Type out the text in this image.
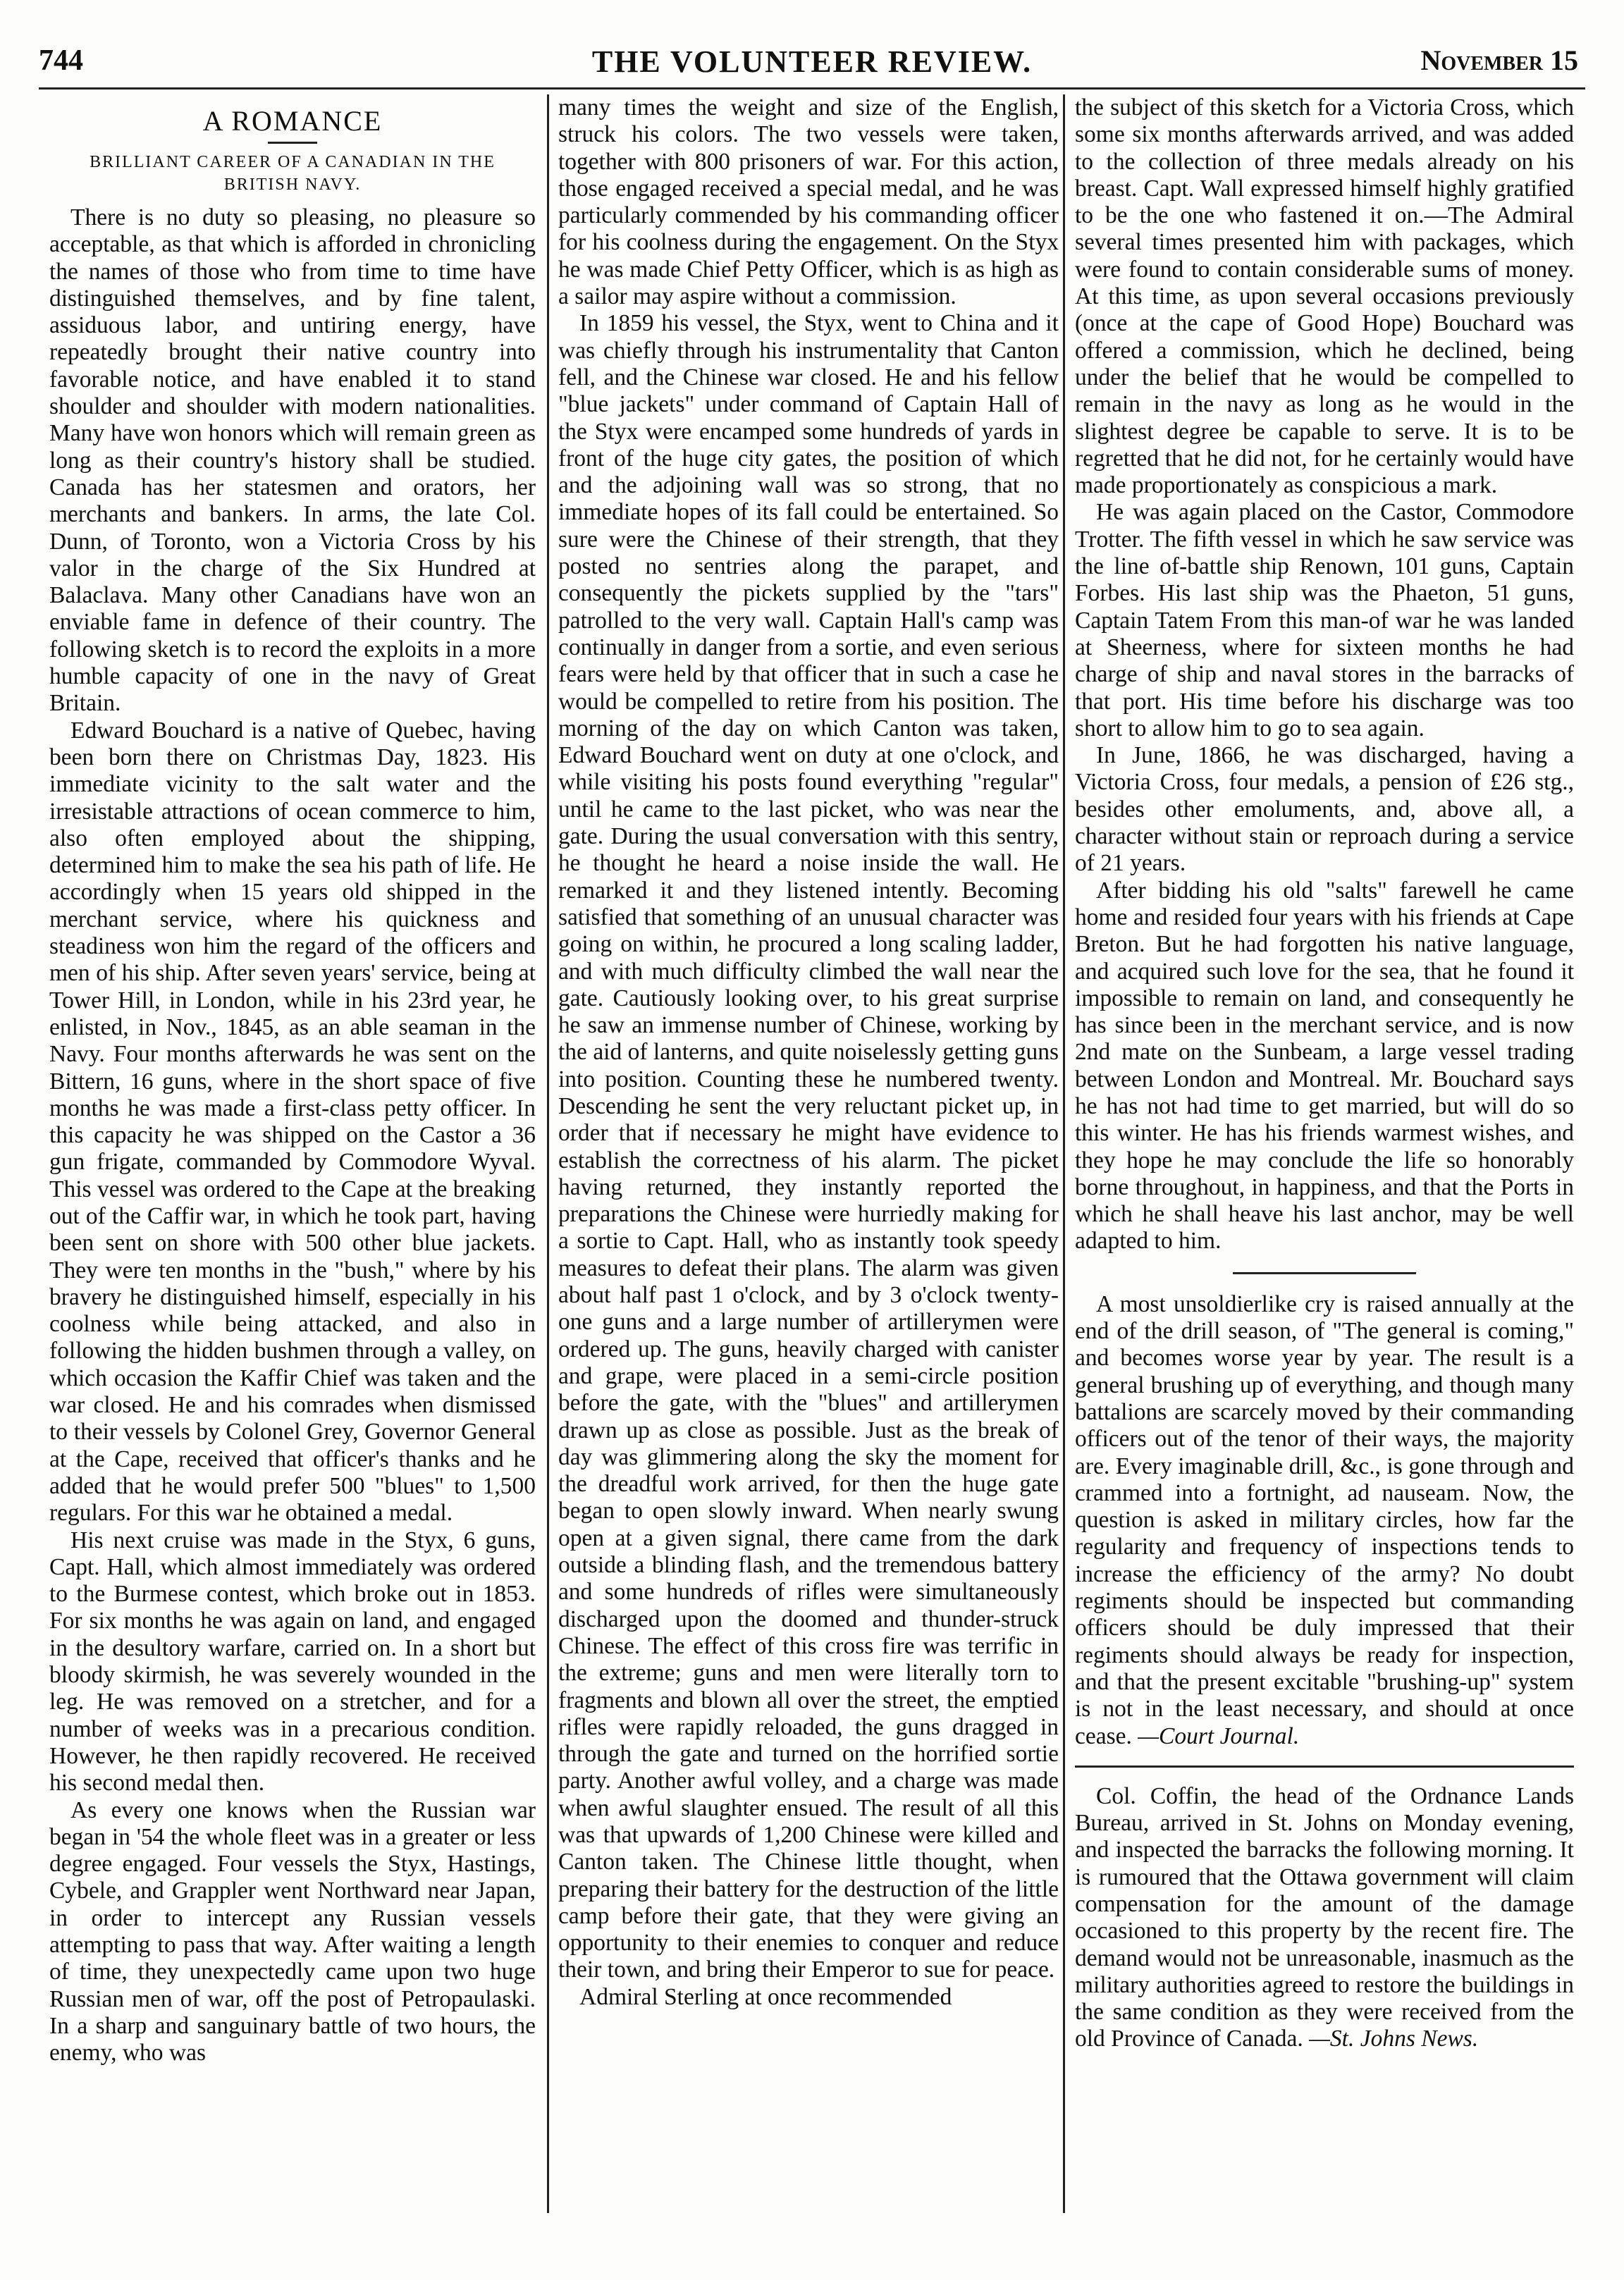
THE VOLUNTEER REVIEW.
744	November 15
A ROMANCE
BRILLIANT CAREER OF A CANADIAN IN THE BRITISH NAVY.

There is no duty so pleasing, no pleasure so acceptable, as that which is afforded in chronicling the names of those who from time to time have distinguished themselves, and by fine talent, assiduous labor, and untiring energy, have repeatedly brought their native country into favorable notice, and have enabled it to stand shoulder and shoulder with modern nationalities. Many have won honors which will remain green as long as their country's history shall be studied. Canada has her statesmen and orators, her merchants and bankers. In arms, the late Col. Dunn, of Toronto, won a Victoria Cross by his valor in the charge of the Six Hundred at Balaclava. Many other Canadians have won an enviable fame in defence of their country. The following sketch is to record the exploits in a more humble capacity of one in the navy of Great Britain.

Edward Bouchard is a native of Quebec, having been born there on Christmas Day, 1823. His immediate vicinity to the salt water and the irresistable attractions of ocean commerce to him, also often employed about the shipping, determined him to make the sea his path of life. He accordingly when 15 years old shipped in the merchant service, where his quickness and steadiness won him the regard of the officers and men of his ship. After seven years' service, being at Tower Hill, in London, while in his 23rd year, he enlisted, in Nov., 1845, as an able seaman in the Navy. Four months afterwards he was sent on the Bittern, 16 guns, where in the short space of five months he was made a first-class petty officer. In this capacity he was shipped on the Castor a 36 gun frigate, commanded by Commodore Wyval. This vessel was ordered to the Cape at the breaking out of the Caffir war, in which he took part, having been sent on shore with 500 other blue jackets. They were ten months in the "bush," where by his bravery he distinguished himself, especially in his coolness while being attacked, and also in following the hidden bushmen through a valley, on which occasion the Kaffir Chief was taken and the war closed. He and his comrades when dismissed to their vessels by Colonel Grey, Governor General at the Cape, received that officer's thanks and he added that he would prefer 500 "blues" to 1,500 regulars. For this war he obtained a medal.

His next cruise was made in the Styx, 6 guns, Capt. Hall, which almost immediately was ordered to the Burmese contest, which broke out in 1853. For six months he was again on land, and engaged in the desultory warfare, carried on. In a short but bloody skirmish, he was severely wounded in the leg. He was removed on a stretcher, and for a number of weeks was in a precarious condition. However, he then rapidly recovered. He received his second medal then.

As every one knows when the Russian war began in '54 the whole fleet was in a greater or less degree engaged. Four vessels the Styx, Hastings, Cybele, and Grappler went Northward near Japan, in order to intercept any Russian vessels attempting to pass that way. After waiting a length of time, they unexpectedly came upon two huge Russian men of war, off the post of Petropaulaski. In a sharp and sanguinary battle of two hours, the enemy, who was

many times the weight and size of the English, struck his colors. The two vessels were taken, together with 800 prisoners of war. For this action, those engaged received a special medal, and he was particularly commended by his commanding officer for his coolness during the engagement. On the Styx he was made Chief Petty Officer, which is as high as a sailor may aspire without a commission.

In 1859 his vessel, the Styx, went to China and it was chiefly through his instrumentality that Canton fell, and the Chinese war closed. He and his fellow "blue jackets" under command of Captain Hall of the Styx were encamped some hundreds of yards in front of the huge city gates, the position of which and the adjoining wall was so strong, that no immediate hopes of its fall could be entertained. So sure were the Chinese of their strength, that they posted no sentries along the parapet, and consequently the pickets supplied by the "tars" patrolled to the very wall. Captain Hall's camp was continually in danger from a sortie, and even serious fears were held by that officer that in such a case he would be compelled to retire from his position. The morning of the day on which Canton was taken, Edward Bouchard went on duty at one o'clock, and while visiting his posts found everything "regular" until he came to the last picket, who was near the gate. During the usual conversation with this sentry, he thought he heard a noise inside the wall. He remarked it and they listened intently. Becoming satisfied that something of an unusual character was going on within, he procured a long scaling ladder, and with much difficulty climbed the wall near the gate. Cautiously looking over, to his great surprise he saw an immense number of Chinese, working by the aid of lanterns, and quite noiselessly getting guns into position. Counting these he numbered twenty. Descending he sent the very reluctant picket up, in order that if necessary he might have evidence to establish the correctness of his alarm. The picket having returned, they instantly reported the preparations the Chinese were hurriedly making for a sortie to Capt. Hall, who as instantly took speedy measures to defeat their plans. The alarm was given about half past 1 o'clock, and by 3 o'clock twenty-one guns and a large number of artillerymen were ordered up. The guns, heavily charged with canister and grape, were placed in a semi-circle position before the gate, with the "blues" and artillerymen drawn up as close as possible. Just as the break of day was glimmering along the sky the moment for the dreadful work arrived, for then the huge gate began to open slowly inward. When nearly swung open at a given signal, there came from the dark outside a blinding flash, and the tremendous battery and some hundreds of rifles were simultaneously discharged upon the doomed and thunder-struck Chinese. The effect of this cross fire was terrific in the extreme; guns and men were literally torn to fragments and blown all over the street, the emptied rifles were rapidly reloaded, the guns dragged in through the gate and turned on the horrified sortie party. Another awful volley, and a charge was made when awful slaughter ensued. The result of all this was that upwards of 1,200 Chinese were killed and Canton taken. The Chinese little thought, when preparing their battery for the destruction of the little camp before their gate, that they were giving an opportunity to their enemies to conquer and reduce their town, and bring their Emperor to sue for peace.

Admiral Sterling at once recommended

the subject of this sketch for a Victoria Cross, which some six months afterwards arrived, and was added to the collection of three medals already on his breast. Capt. Wall expressed himself highly gratified to be the one who fastened it on.—The Admiral several times presented him with packages, which were found to contain considerable sums of money. At this time, as upon several occasions previously (once at the cape of Good Hope) Bouchard was offered a commission, which he declined, being under the belief that he would be compelled to remain in the navy as long as he would in the slightest degree be capable to serve. It is to be regretted that he did not, for he certainly would have made proportionately as conspicious a mark.

He was again placed on the Castor, Commodore Trotter. The fifth vessel in which he saw service was the line of-battle ship Renown, 101 guns, Captain Forbes. His last ship was the Phaeton, 51 guns, Captain Tatem From this man-of war he was landed at Sheerness, where for sixteen months he had charge of ship and naval stores in the barracks of that port. His time before his discharge was too short to allow him to go to sea again.

In June, 1866, he was discharged, having a Victoria Cross, four medals, a pension of £26 stg., besides other emoluments, and, above all, a character without stain or reproach during a service of 21 years.

After bidding his old "salts" farewell he came home and resided four years with his friends at Cape Breton. But he had forgotten his native language, and acquired such love for the sea, that he found it impossible to remain on land, and consequently he has since been in the merchant service, and is now 2nd mate on the Sunbeam, a large vessel trading between London and Montreal. Mr. Bouchard says he has not had time to get married, but will do so this winter. He has his friends warmest wishes, and they hope he may conclude the life so honorably borne throughout, in happiness, and that the Ports in which he shall heave his last anchor, may be well adapted to him.

A most unsoldierlike cry is raised annually at the end of the drill season, of "The general is coming," and becomes worse year by year. The result is a general brushing up of everything, and though many battalions are scarcely moved by their commanding officers out of the tenor of their ways, the majority are. Every imaginable drill, &c., is gone through and crammed into a fortnight, ad nauseam. Now, the question is asked in military circles, how far the regularity and frequency of inspections tends to increase the efficiency of the army? No doubt regiments should be inspected but commanding officers should be duly impressed that their regiments should always be ready for inspection, and that the present excitable "brushing-up" system is not in the least necessary, and should at once cease. —Court Journal.

Col. Coffin, the head of the Ordnance Lands Bureau, arrived in St. Johns on Monday evening, and inspected the barracks the following morning. It is rumoured that the Ottawa government will claim compensation for the amount of the damage occasioned to this property by the recent fire. The demand would not be unreasonable, inasmuch as the military authorities agreed to restore the buildings in the same condition as they were received from the old Province of Canada. —St. Johns News.
